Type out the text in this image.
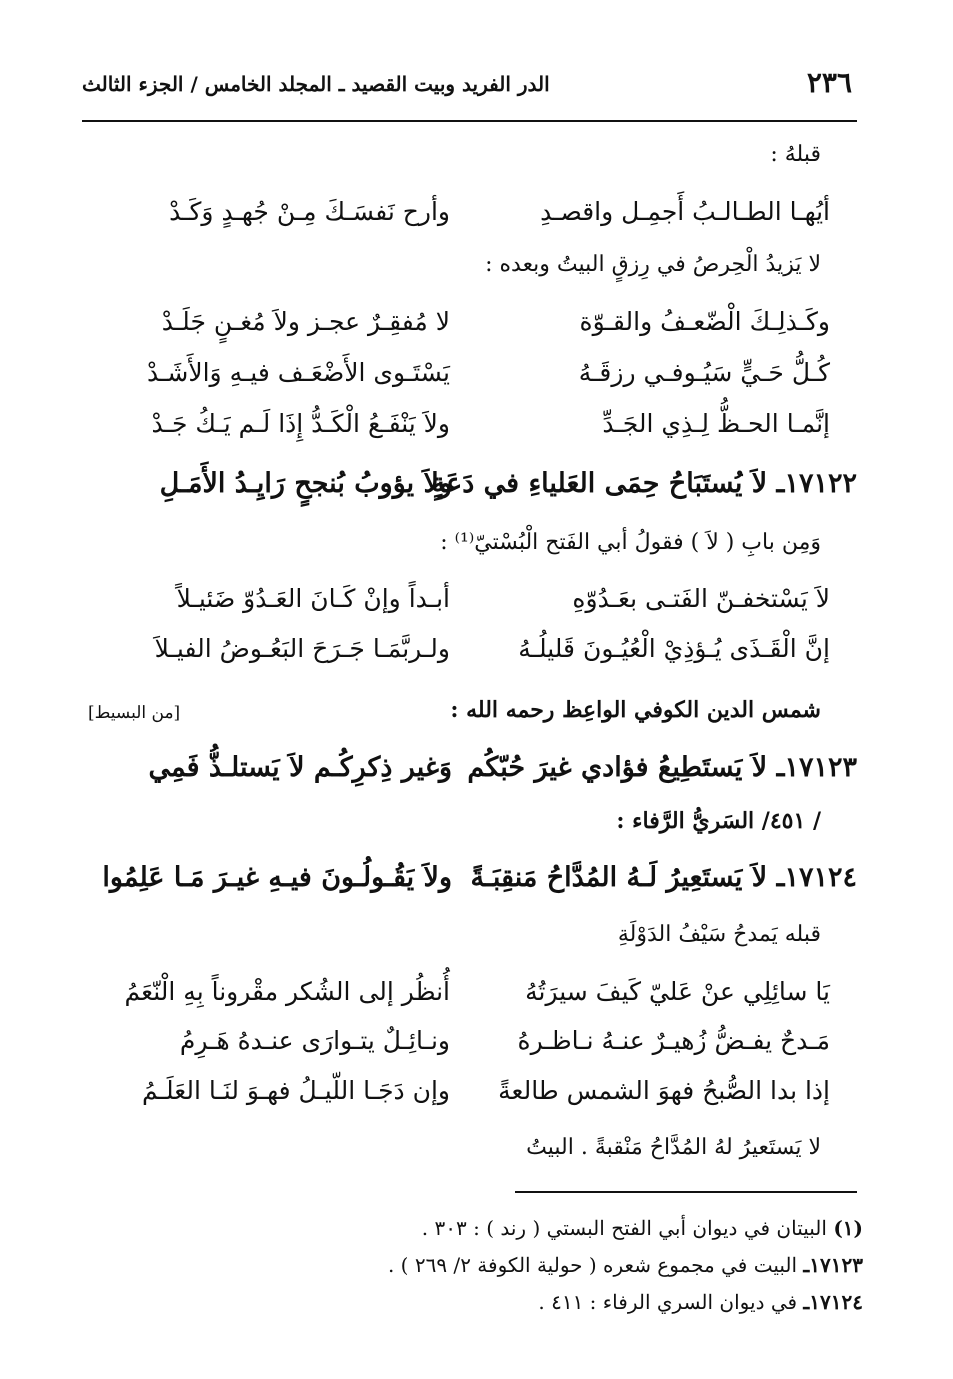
٢٣٦
الدر الفريد وبيت القصيد ـ المجلد الخامس / الجزء الثالث
قبلهُ :
أيُهـا الطـالـبُ أَجمِـل واقصـدِ
وأرح نَفسَـكَ مِـنْ جُهـدٍ وَكَـدْ
لا يَزيدُ الْحِرصُ في رِزقٍ البيتُ وبعده :
وكَـذلِـكَ الْضّعـفُ والقـوّة
لا مُفقِـرٌ عجـز ولاَ مُغـنٍ جَلَـدْ
كُـلُّ حَـيٍّ سَيُـوفـي رزقَـهُ
يَسْتَـوى الأَضْعَـف فيـهِ وَالأَشَـدْ
إنَّمـا الحـظُّ لِـذِي الجَـدِّ
ولاَ يَنْفَـعُ الْكَـدُّ إِذَا لَـم يَـكُ جَـدْ
١٧١٢٢ـ لاَ يُستَبَاحُ حِمَى العَلياءِ في دَعَةٍ
ولاَ يؤوبُ بُنجحٍ رَايِـدُ الأَمَـلِ
وَمِن بابِ ( لاَ ) فقولُ أبي الفَتح الْبُسْتيّ⁽¹⁾ :
لاَ يَسْتخفـنّ الفَتـى بعَـدُوّهِ
أبـداً وإنْ كَـانَ العَـدُوّ ضَئيـلاً
إنَّ الْقَـذَى يُـؤذِيْ الْعُيُـونَ قَليلُـهُ
ولـربَّمَـا جَـرَحَ البَعُـوضُ الفيـلاَ
شمس الدين الكوفي الواعِظ رحمه الله :
[من البسيط]
١٧١٢٣ـ لاَ يَستَطِيعُ فؤادي غيرَ حُبّكُم
وَغير ذِكرِكُـم لاَ يَستلـذُّ فَمِي
/ ٤٥١/ السَريُّ الرَّفاء :
١٧١٢٤ـ لاَ يَستَعِيرُ لَـهُ المُدَّاحُ مَنقِبَـةً
ولاَ يَقُـولُـونَ فيـهِ غيـرَ مَـا عَلِمُوا
قبله يَمدحُ سَيْفُ الدَوْلَةِ
يَا سائِلِي عنْ عَليّ كَيفَ سيرَتُهُ
أُنظُر إلى الشُكر مقْروناً بِهِ الْنّعَمُ
مَـدحٌ يفـضُّ زُهيـرٌ عنـهُ نـاظـرهُ
ونـائِـلٌ يتـوارَى عنـدهُ هَـرِمُ
إذا بدا الصُّبحُ فهوَ الشمس طالعةً
وإن دَجَـا اللّيـلُ فهـوَ لنَـا العَلَـمُ
لا يَستَعيرُ لهُ المُدَّاحُ مَنْقبةً . البيتُ
(١) البيتان في ديوان أبي الفتح البستي ( رند ) : ٣٠٣ .
١٧١٢٣ـ البيت في مجموع شعره ( حولية الكوفة ٢/ ٢٦٩ ) .
١٧١٢٤ـ في ديوان السري الرفاء : ٤١١ .
